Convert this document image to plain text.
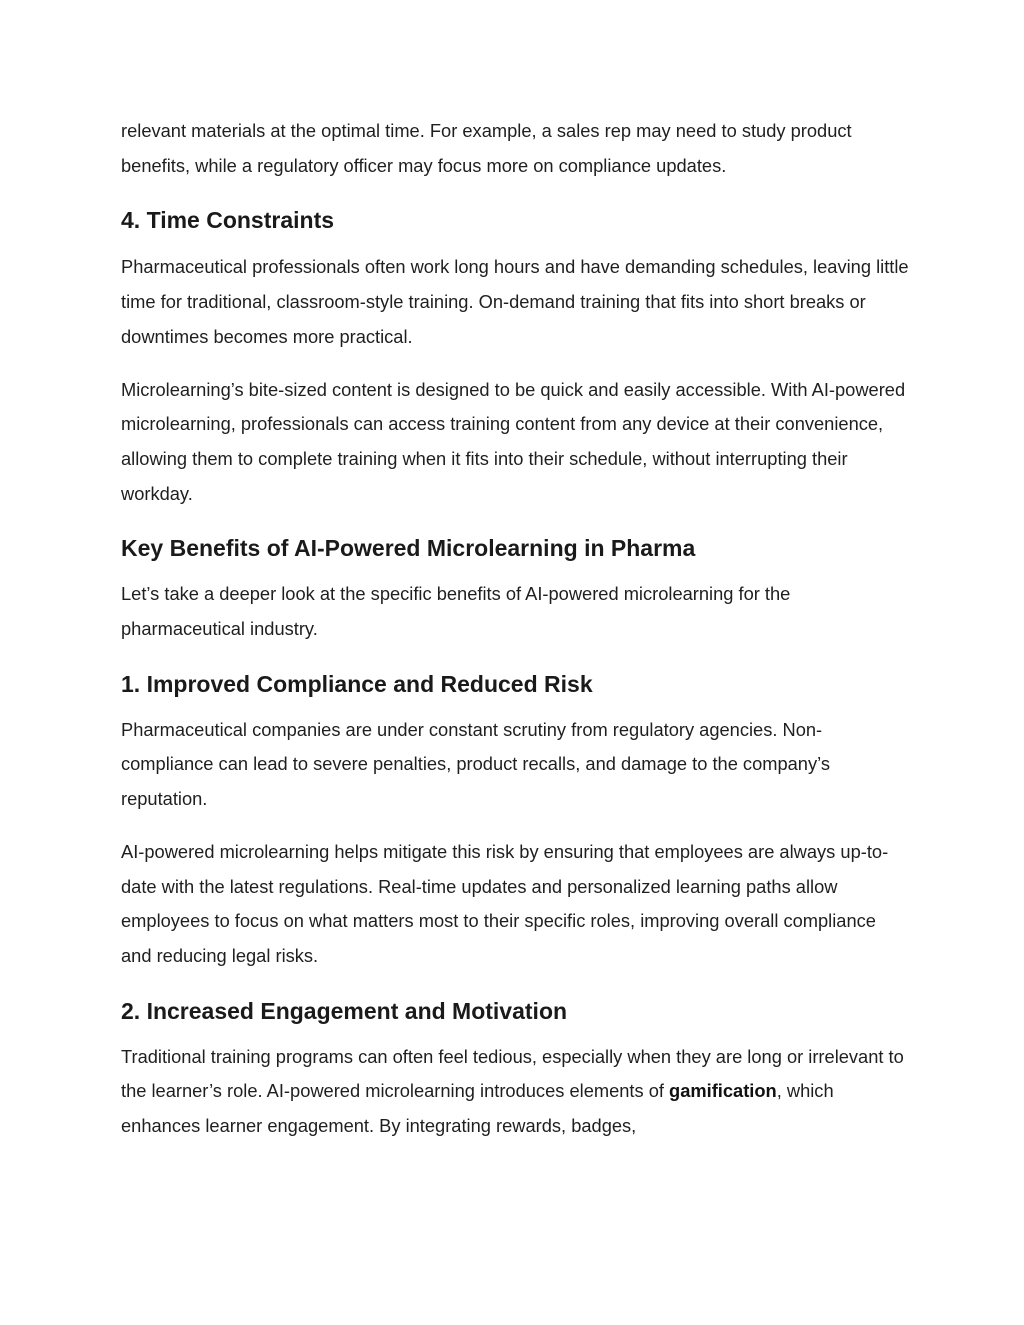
relevant materials at the optimal time. For example, a sales rep may need to study product benefits, while a regulatory officer may focus more on compliance updates.

4. Time Constraints

Pharmaceutical professionals often work long hours and have demanding schedules, leaving little time for traditional, classroom-style training. On-demand training that fits into short breaks or downtimes becomes more practical.

Microlearning’s bite-sized content is designed to be quick and easily accessible. With AI-powered microlearning, professionals can access training content from any device at their convenience, allowing them to complete training when it fits into their schedule, without interrupting their workday.

Key Benefits of AI-Powered Microlearning in Pharma

Let’s take a deeper look at the specific benefits of AI-powered microlearning for the pharmaceutical industry.

1. Improved Compliance and Reduced Risk

Pharmaceutical companies are under constant scrutiny from regulatory agencies. Non-compliance can lead to severe penalties, product recalls, and damage to the company’s reputation.

AI-powered microlearning helps mitigate this risk by ensuring that employees are always up-to-date with the latest regulations. Real-time updates and personalized learning paths allow employees to focus on what matters most to their specific roles, improving overall compliance and reducing legal risks.

2. Increased Engagement and Motivation

Traditional training programs can often feel tedious, especially when they are long or irrelevant to the learner’s role. AI-powered microlearning introduces elements of gamification, which enhances learner engagement. By integrating rewards, badges,
